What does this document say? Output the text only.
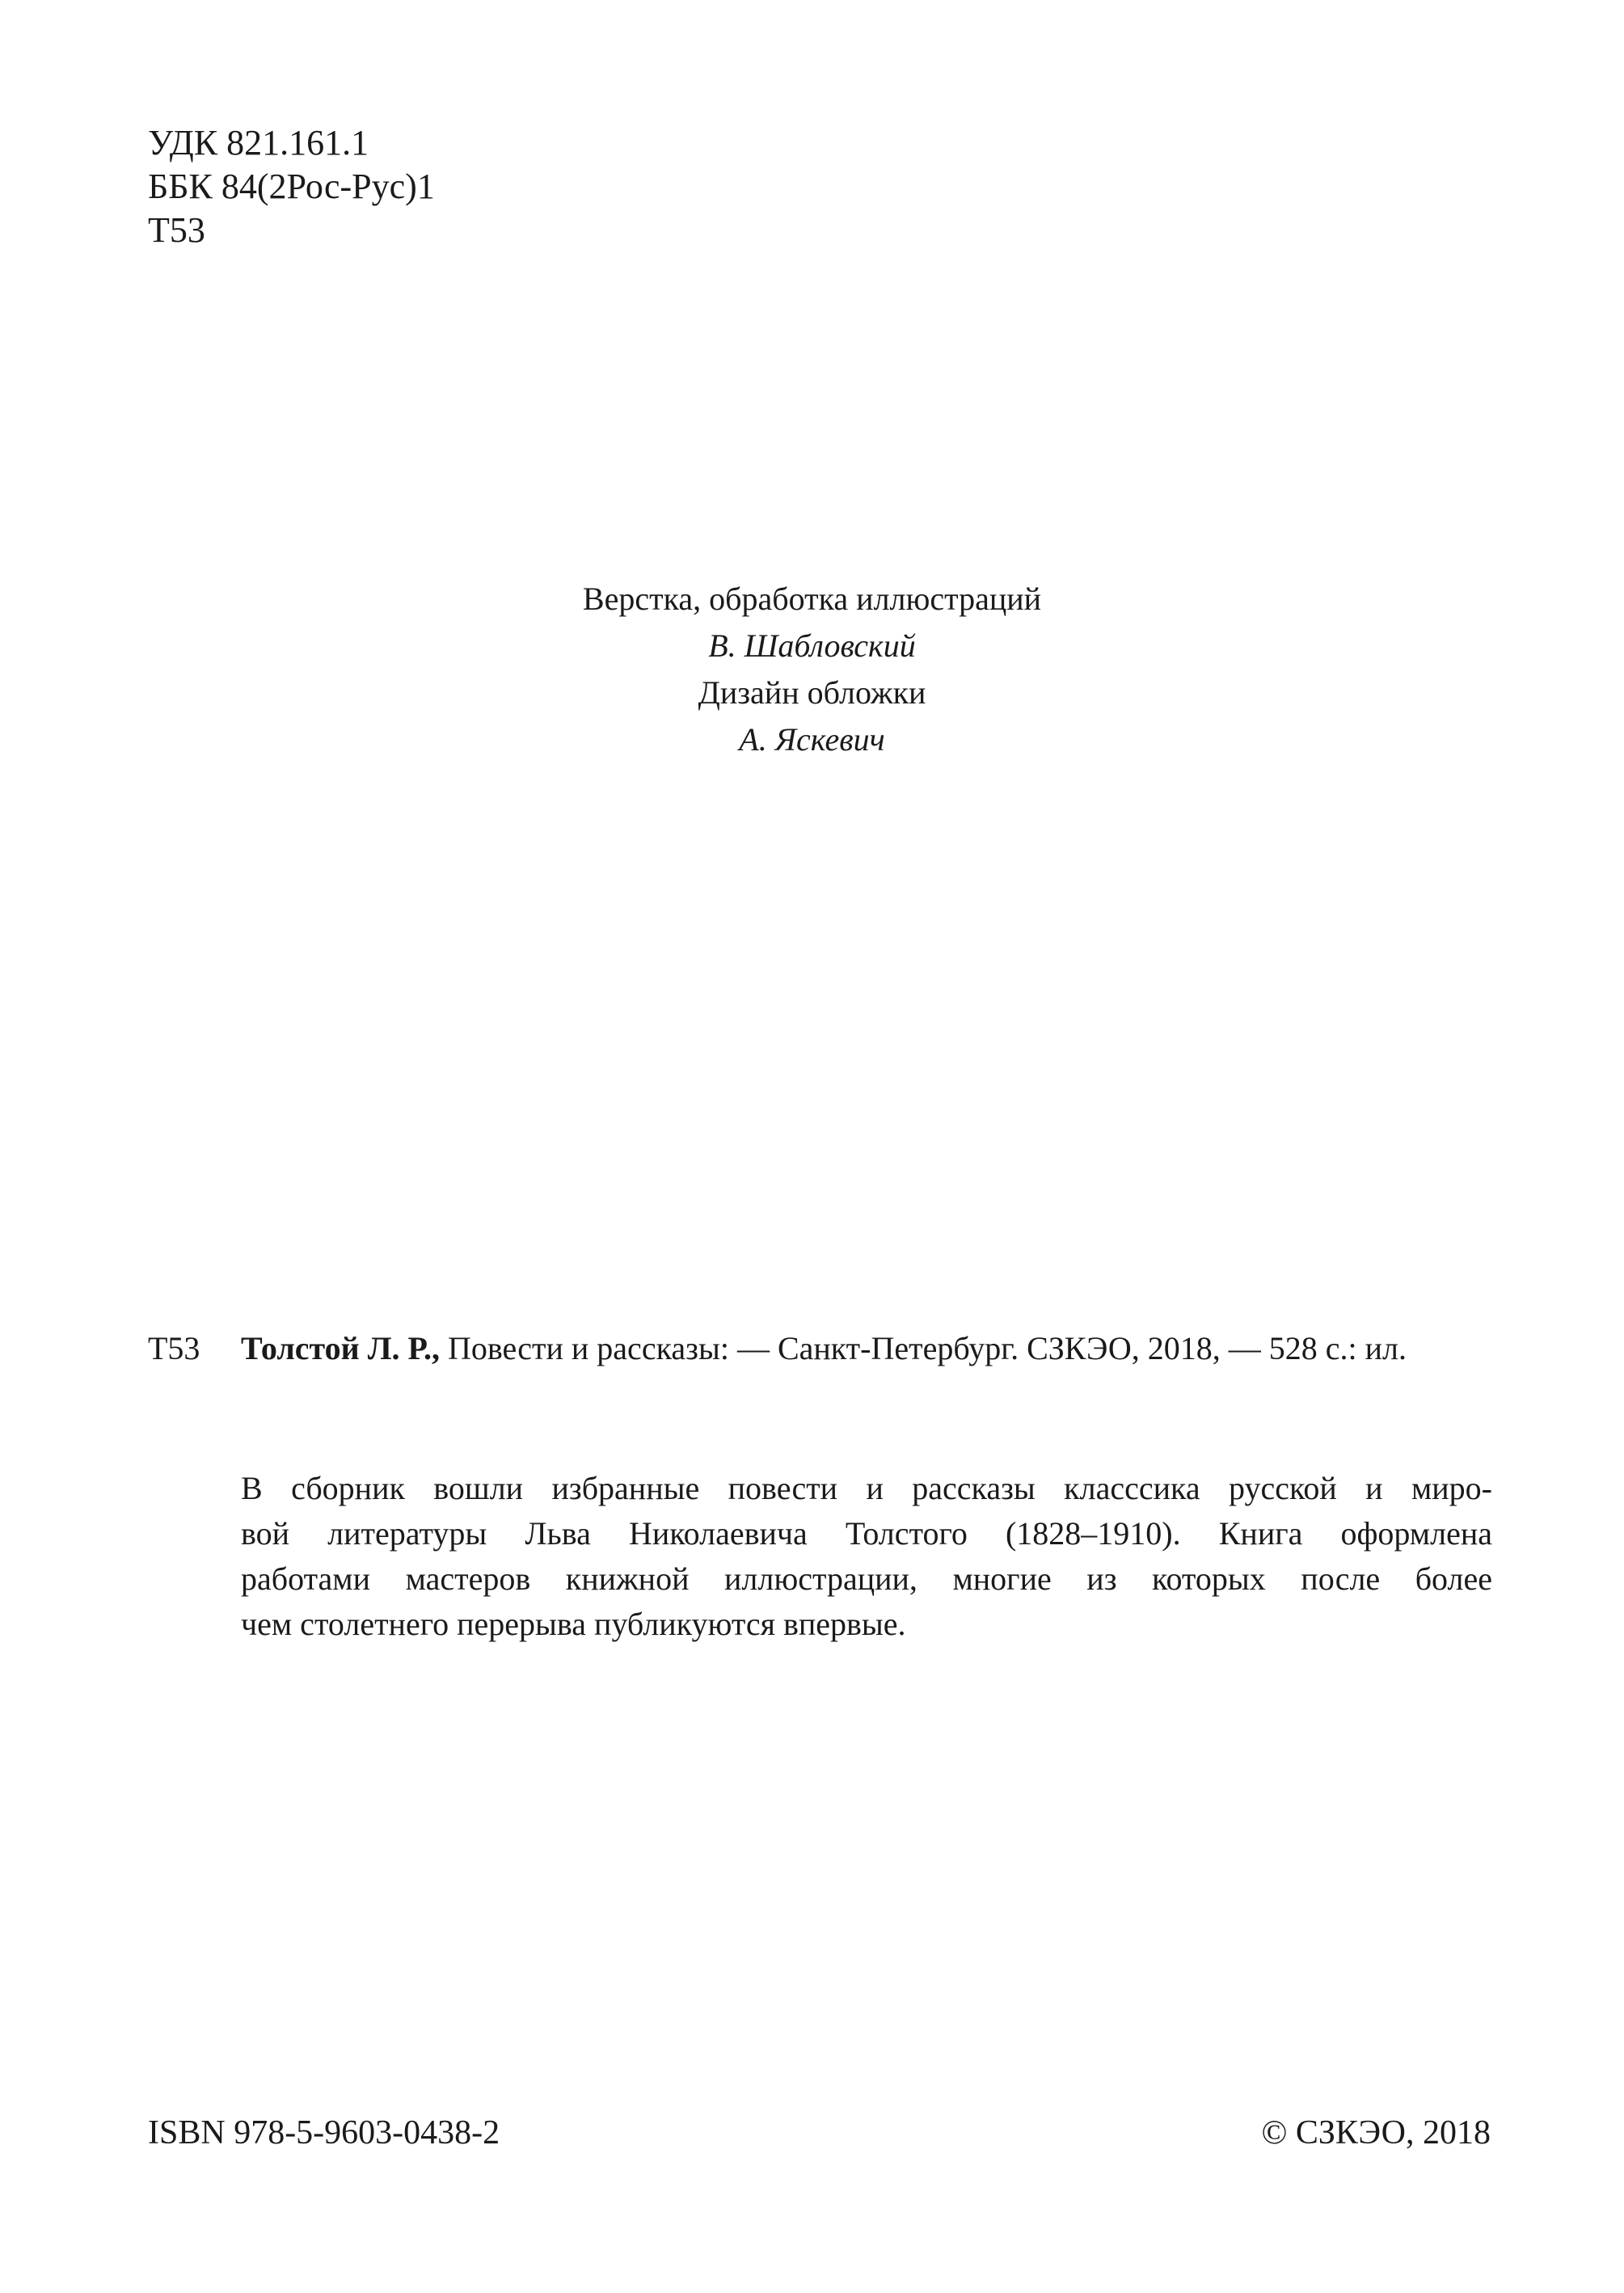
УДК 821.161.1
ББК 84(2Рос-Рус)1
Т53
Верстка, обработка иллюстраций
В. Шабловский
Дизайн обложки
А. Яскевич
Т53 Толстой Л. Р., Повести и рассказы: — Санкт-Петербург. СЗКЭО, 2018, — 528 с.: ил.
В сборник вошли избранные повести и рассказы класссика русской и миро-
вой литературы Льва Николаевича Толстого (1828–1910). Книга оформлена
работами мастеров книжной иллюстрации, многие из которых после более
чем столетнего перерыва публикуются впервые.
ISBN 978-5-9603-0438-2	© СЗКЭО, 2018
